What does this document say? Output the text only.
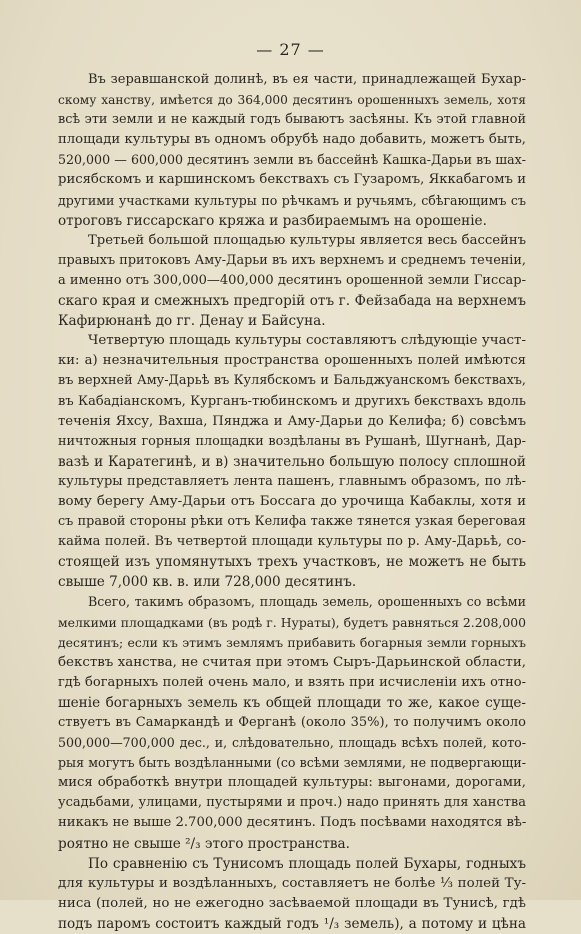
— 27 —
Въ зеравшанской долинѣ, въ ея части, принадлежащей Бухар-
скому ханству, имѣется до 364,000 десятинъ орошенныхъ земель, хотя
всѣ эти земли и не каждый годъ бываютъ засѣяны. Къ этой главной
площади культуры въ одномъ обрубѣ надо добавить, можетъ быть,
520,000 — 600,000 десятинъ земли въ бассейнѣ Кашка-Дарьи въ шах-
рисябскомъ и каршинскомъ бекствахъ съ Гузаромъ, Яккабагомъ и
другими участками культуры по рѣчкамъ и ручьямъ, сбѣгающимъ съ
отроговъ гиссарскаго кряжа и разбираемымъ на орошеніе.
Третьей большой площадью культуры является весь бассейнъ
правыхъ притоковъ Аму-Дарьи въ ихъ верхнемъ и среднемъ теченіи,
а именно отъ 300,000—400,000 десятинъ орошенной земли Гиссар-
скаго края и смежныхъ предгорій отъ г. Фейзабада на верхнемъ
Кафирюнанѣ до гг. Денау и Байсуна.
Четвертую площадь культуры составляютъ слѣдующіе участ-
ки: а) незначительныя пространства орошенныхъ полей имѣются
въ верхней Аму-Дарьѣ въ Кулябскомъ и Бальджуанскомъ бекствахъ,
въ Кабадіанскомъ, Курганъ-тюбинскомъ и другихъ бекствахъ вдоль
теченія Яхсу, Вахша, Пянджа и Аму-Дарьи до Келифа; б) совсѣмъ
ничтожныя горныя площадки воздѣланы въ Рушанѣ, Шугнанѣ, Дар-
вазѣ и Каратегинѣ, и в) значительно большую полосу сплошной
культуры представляетъ лента пашенъ, главнымъ образомъ, по лѣ-
вому берегу Аму-Дарьи отъ Боссага до урочища Кабаклы, хотя и
съ правой стороны рѣки отъ Келифа также тянется узкая береговая
кайма полей. Въ четвертой площади культуры по р. Аму-Дарьѣ, со-
стоящей изъ упомянутыхъ трехъ участковъ, не можетъ не быть
свыше 7,000 кв. в. или 728,000 десятинъ.
Всего, такимъ образомъ, площадь земель, орошенныхъ со всѣми
мелкими площадками (въ родѣ г. Нураты), будетъ равняться 2.208,000
десятинъ; если къ этимъ землямъ прибавить богарныя земли горныхъ
бекствъ ханства, не считая при этомъ Сыръ-Дарьинской области,
гдѣ богарныхъ полей очень мало, и взять при исчисленіи ихъ отно-
шеніе богарныхъ земель къ общей площади то же, какое суще-
ствуетъ въ Самаркандѣ и Ферганѣ (около 35%), то получимъ около
500,000—700,000 дес., и, слѣдовательно, площадь всѣхъ полей, кото-
рыя могутъ быть воздѣланными (со всѣми землями, не подвергающи-
мися обработкѣ внутри площадей культуры: выгонами, дорогами,
усадьбами, улицами, пустырями и проч.) надо принять для ханства
никакъ не выше 2.700,000 десятинъ. Подъ посѣвами находятся вѣ-
роятно не свыше ²/₃ этого пространства.
По сравненію съ Тунисомъ площадь полей Бухары, годныхъ
для культуры и воздѣланныхъ, составляетъ не болѣе ⅓ полей Ту-
ниса (полей, но не ежегодно засѣваемой площади въ Тунисѣ, гдѣ
подъ паромъ состоитъ каждый годъ ¹/₃ земель), а потому и цѣна
